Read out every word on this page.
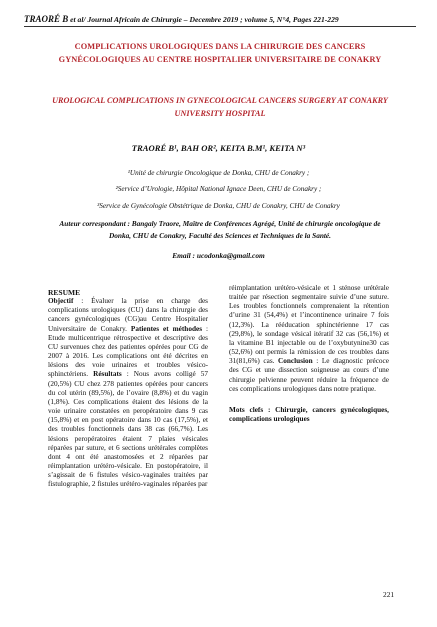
TRAORÉ B et al/ Journal Africain de Chirurgie – Decembre 2019 ; volume 5, N°4, Pages 221-229
COMPLICATIONS UROLOGIQUES DANS LA CHIRURGIE DES CANCERS GYNÉCOLOGIQUES AU CENTRE HOSPITALIER UNIVERSITAIRE DE CONAKRY
UROLOGICAL COMPLICATIONS IN GYNECOLOGICAL CANCERS SURGERY AT CONAKRY UNIVERSITY HOSPITAL
TRAORÉ B¹, BAH OR², KEITA B.M¹, KEITA N³
¹Unité de chirurgie Oncologique de Donka, CHU de Conakry ;
²Service d’Urologie, Hôpital National Ignace Deen, CHU de Conakry ;
³Service de Gynécologie Obstétrique de Donka, CHU de Conakry, CHU de Conakry
Auteur correspondant : Bangaly Traore, Maître de Conférences Agrégé, Unité de chirurgie oncologique de Donka, CHU de Conakry, Faculté des Sciences et Techniques de la Santé.
Email : ucodonka@gmail.com

RESUME

Objectif : Évaluer la prise en charge des complications urologiques (CU) dans la chirurgie des cancers gynécologiques (CG)au Centre Hospitalier Universitaire de Conakry. Patientes et méthodes : Etude multicentrique rétrospective et descriptive des CU survenues chez des patientes opérées pour CG de 2007 à 2016. Les complications ont été décrites en lésions des voie urinaires et troubles vésico-sphinctériens. Résultats : Nous avons colligé 57 (20,5%) CU chez 278 patientes opérées pour cancers du col utérin (89,5%), de l’ovaire (8,8%) et du vagin (1,8%). Ces complications étaient des lésions de la voie urinaire constatées en peropératoire dans 9 cas (15,8%) et en post opératoire dans 10 cas (17,5%), et des troubles fonctionnels dans 38 cas (66,7%). Les lésions peropératoires étaient 7 plaies vésicales réparées par suture, et 6 sections urétérales complètes dont 4 ont été anastomosées et 2 réparées par réimplantation urétéro-vésicale. En postopératoire, il s’agissait de 6 fistules vésico-vaginales traitées par fistulographie, 2 fistules urétéro-vaginales réparées par

réimplantation urétéro-vésicale et 1 sténose urétérale traitée par résection segmentaire suivie d’une suture. Les troubles fonctionnels comprenaient la rétention d’urine 31 (54,4%) et l’incontinence urinaire 7 fois (12,3%). La rééducation sphinctérienne 17 cas (29,8%), le sondage vésical itératif 32 cas (56,1%) et la vitamine B1 injectable ou de l’oxybutynine30 cas (52,6%) ont permis la rémission de ces troubles dans 31(81,6%) cas. Conclusion : Le diagnostic précoce des CG et une dissection soigneuse au cours d’une chirurgie pelvienne peuvent réduire la fréquence de ces complications urologiques dans notre pratique.

Mots clefs : Chirurgie, cancers gynécologiques, complications urologiques

221
